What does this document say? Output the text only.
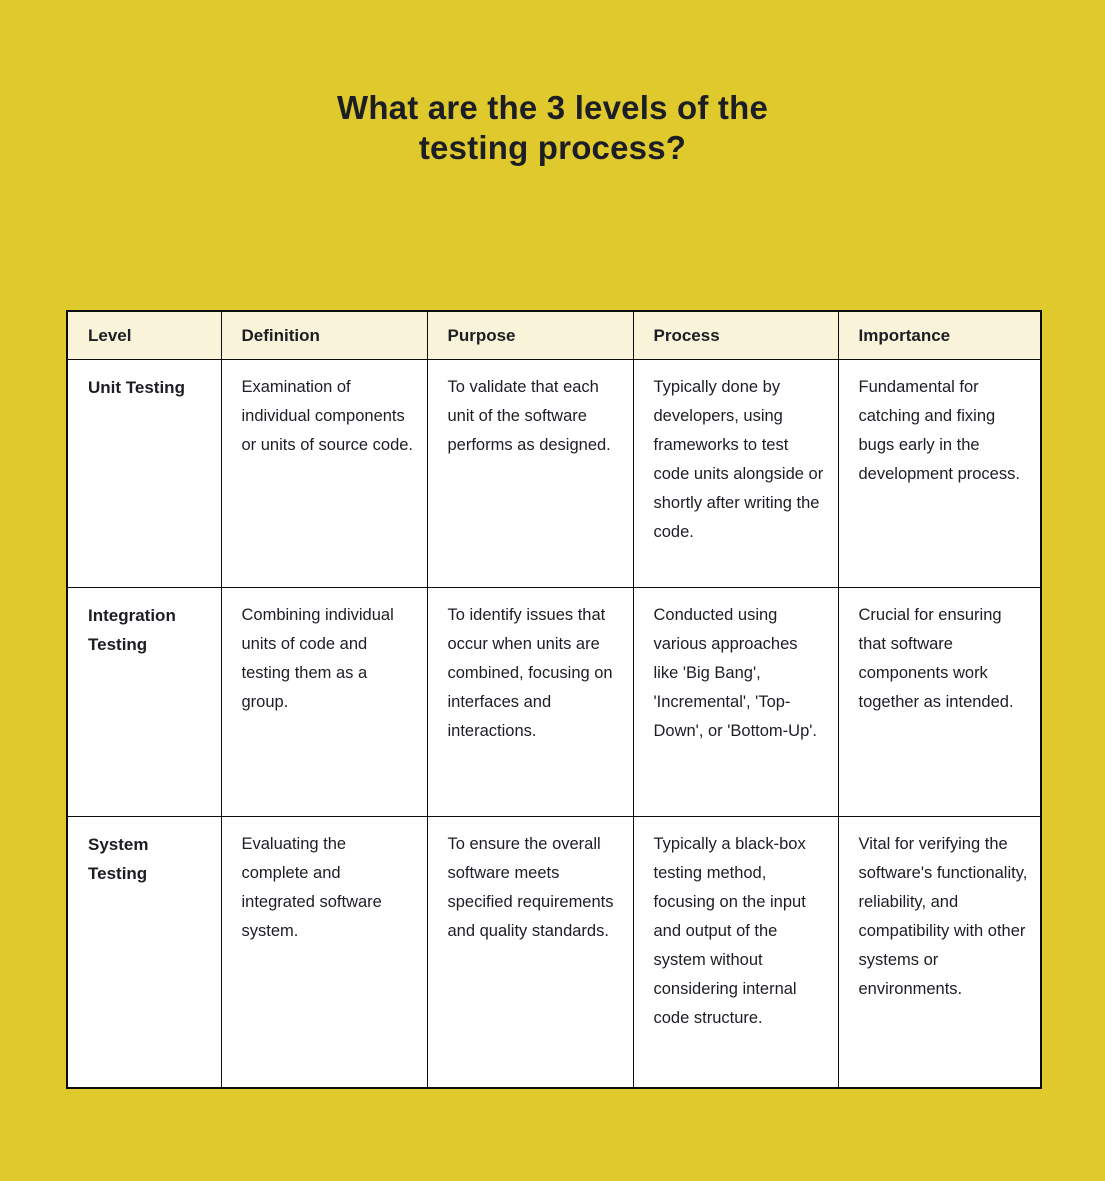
What are the 3 levels of the
testing process?
Level	Definition	Purpose	Process	Importance
Unit Testing	Examination of individual components or units of source code.	To validate that each unit of the software performs as designed.	Typically done by developers, using frameworks to test code units alongside or shortly after writing the code.	Fundamental for catching and fixing bugs early in the development process.
Integration Testing	Combining individual units of code and testing them as a group.	To identify issues that occur when units are combined, focusing on interfaces and interactions.	Conducted using various approaches like 'Big Bang', 'Incremental', 'Top-Down', or 'Bottom-Up'.	Crucial for ensuring that software components work together as intended.
System Testing	Evaluating the complete and integrated software system.	To ensure the overall software meets specified requirements and quality standards.	Typically a black-box testing method, focusing on the input and output of the system without considering internal code structure.	Vital for verifying the software's functionality, reliability, and compatibility with other systems or environments.
